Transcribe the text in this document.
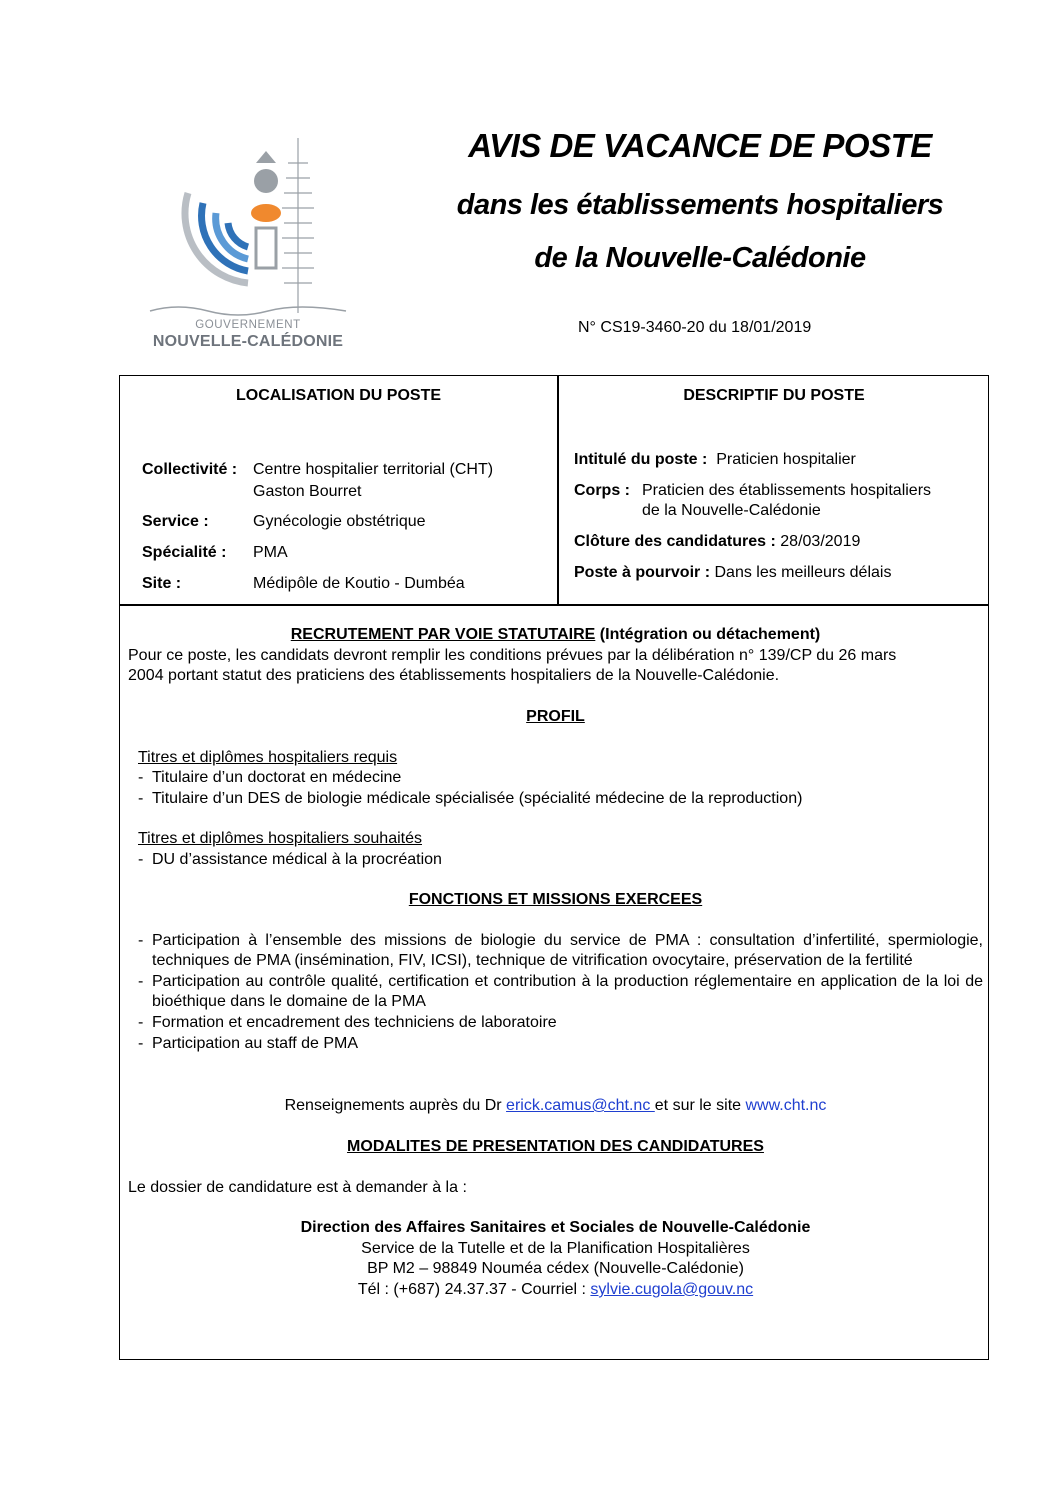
GOUVERNEMENT
NOUVELLE-CALÉDONIE
AVIS DE VACANCE DE POSTE
dans les établissements hospitaliers
de la Nouvelle-Calédonie
N° CS19-3460-20 du 18/01/2019
LOCALISATION DU POSTE	DESCRIPTIF DU POSTE
Collectivité : Centre hospitalier territorial (CHT)
Gaston Bourret
Service :	Gynécologie obstétrique
Spécialité : PMA
Site :	Médipôle de Koutio - Dumbéa
Intitulé du poste : Praticien hospitalier
Corps : Praticien des établissements hospitaliers
de la Nouvelle-Calédonie
Clôture des candidatures : 28/03/2019
Poste à pourvoir : Dans les meilleurs délais
RECRUTEMENT PAR VOIE STATUTAIRE (Intégration ou détachement)
Pour ce poste, les candidats devront remplir les conditions prévues par la délibération n° 139/CP du 26 mars
2004 portant statut des praticiens des établissements hospitaliers de la Nouvelle-Calédonie.
PROFIL
Titres et diplômes hospitaliers requis
- Titulaire d’un doctorat en médecine
- Titulaire d’un DES de biologie médicale spécialisée (spécialité médecine de la reproduction)
Titres et diplômes hospitaliers souhaités
- DU d’assistance médical à la procréation
FONCTIONS ET MISSIONS EXERCEES
- Participation à l’ensemble des missions de biologie du service de PMA : consultation d’infertilité, spermiologie, techniques de PMA (insémination, FIV, ICSI), technique de vitrification ovocytaire, préservation de la fertilité
- Participation au contrôle qualité, certification et contribution à la production réglementaire en application de la loi de bioéthique dans le domaine de la PMA
- Formation et encadrement des techniciens de laboratoire
- Participation au staff de PMA
Renseignements auprès du Dr erick.camus@cht.nc et sur le site www.cht.nc
MODALITES DE PRESENTATION DES CANDIDATURES
Le dossier de candidature est à demander à la :
Direction des Affaires Sanitaires et Sociales de Nouvelle-Calédonie
Service de la Tutelle et de la Planification Hospitalières
BP M2 – 98849 Nouméa cédex (Nouvelle-Calédonie)
Tél : (+687) 24.37.37 - Courriel : sylvie.cugola@gouv.nc
